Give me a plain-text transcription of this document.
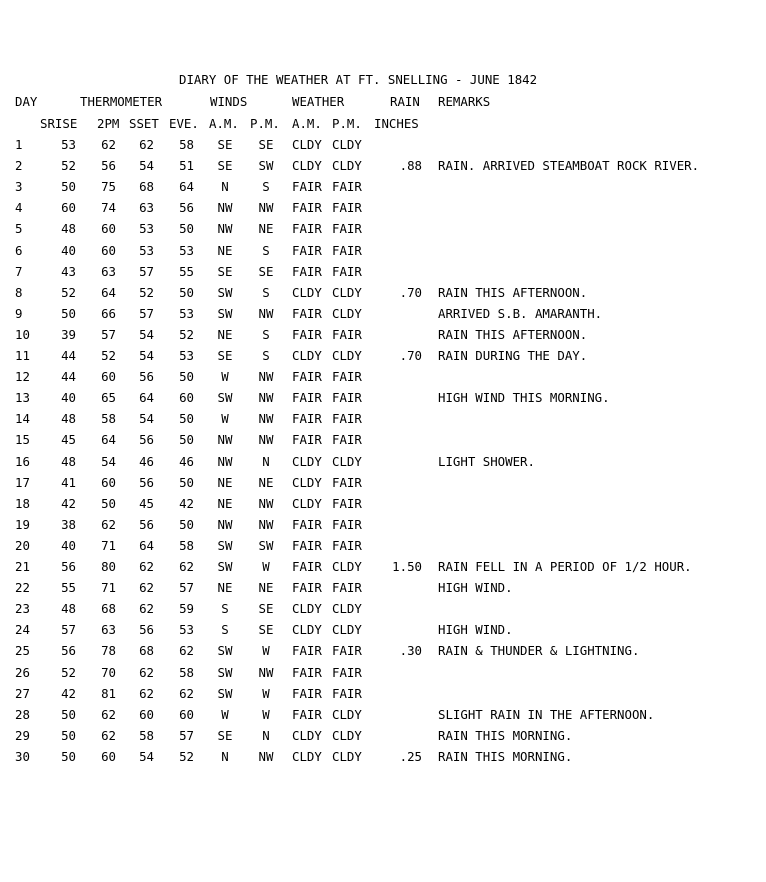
DIARY OF THE WEATHER AT FT. SNELLING - JUNE 1842
DAY	THERMOMETER	WINDS	WEATHER	RAIN REMARKS
SRISE 2PM SSET EVE. A.M. P.M. A.M. P.M. INCHES
1	53	62	62	58 SE SE CLDY CLDY
2	52	56	54	51 SE SW CLDY CLDY	.88 RAIN. ARRIVED STEAMBOAT ROCK RIVER.
3	50	75	68	64 N	S FAIR FAIR
4	60	74	63	56 NW NW FAIR FAIR
5	48	60	53	50 NW NE FAIR FAIR
6	40	60	53	53 NE S FAIR FAIR
7	43	63	57	55 SE SE FAIR FAIR
8	52	64	52	50 SW S CLDY CLDY	.70 RAIN THIS AFTERNOON.
9	50	66	57	53 SW NW FAIR CLDY	ARRIVED S.B. AMARANTH.
10	39	57	54	52 NE S FAIR FAIR	RAIN THIS AFTERNOON.
11	44	52	54	53 SE S CLDY CLDY	.70 RAIN DURING THE DAY.
12	44	60	56	50 W NW FAIR FAIR
13	40	65	64	60 SW NW FAIR FAIR	HIGH WIND THIS MORNING.
14	48	58	54	50 W NW FAIR FAIR
15	45	64	56	50 NW NW FAIR FAIR
16	48	54	46	46 NW N CLDY CLDY	LIGHT SHOWER.
17	41	60	56	50 NE NE CLDY FAIR
18	42	50	45	42 NE NW CLDY FAIR
19	38	62	56	50 NW NW FAIR FAIR
20	40	71	64	58 SW SW FAIR FAIR
21	56	80	62	62 SW W FAIR CLDY	1.50 RAIN FELL IN A PERIOD OF 1/2 HOUR.
22	55	71	62	57 NE NE FAIR FAIR	HIGH WIND.
23	48	68	62	59 S SE CLDY CLDY
24	57	63	56	53 S SE CLDY CLDY	HIGH WIND.
25	56	78	68	62 SW W FAIR FAIR	.30 RAIN & THUNDER & LIGHTNING.
26	52	70	62	58 SW NW FAIR FAIR
27	42	81	62	62 SW W FAIR FAIR
28	50	62	60	60 W	W FAIR CLDY	SLIGHT RAIN IN THE AFTERNOON.
29	50	62	58	57 SE N CLDY CLDY	RAIN THIS MORNING.
30	50	60	54	52 N NW CLDY CLDY	.25 RAIN THIS MORNING.
